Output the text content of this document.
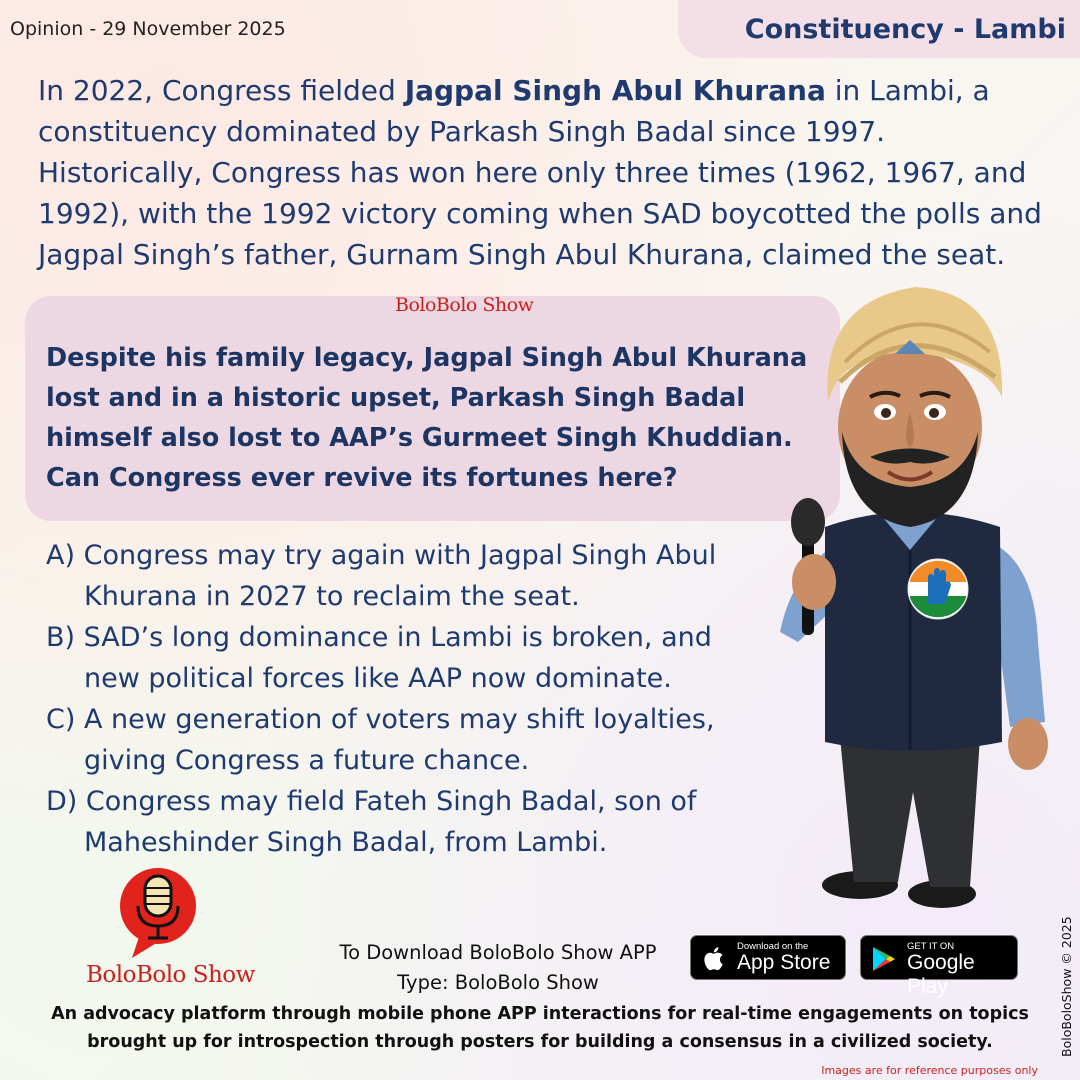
Opinion - 29 November 2025	Constituency - Lambi
In 2022, Congress fielded Jagpal Singh Abul Khurana in Lambi, a constituency dominated by Parkash Singh Badal since 1997. Historically, Congress has won here only three times (1962, 1967, and 1992), with the 1992 victory coming when SAD boycotted the polls and Jagpal Singh’s father, Gurnam Singh Abul Khurana, claimed the seat.
BoloBolo Show
Despite his family legacy, Jagpal Singh Abul Khurana lost and in a historic upset, Parkash Singh Badal himself also lost to AAP’s Gurmeet Singh Khuddian. Can Congress ever revive its fortunes here?
A) Congress may try again with Jagpal Singh Abul Khurana in 2027 to reclaim the seat.
B) SAD’s long dominance in Lambi is broken, and new political forces like AAP now dominate.
C) A new generation of voters may shift loyalties, giving Congress a future chance.
D) Congress may field Fateh Singh Badal, son of Maheshinder Singh Badal, from Lambi.
BoloBolo Show
To Download BoloBolo Show APP
Type: BoloBolo Show
Download on the
App Store
GET IT ON
Google Play
An advocacy platform through mobile phone APP interactions for real-time engagements on topics brought up for introspection through posters for building a consensus in a civilized society.	BoloBoloShow © 2025
Images are for reference purposes only
